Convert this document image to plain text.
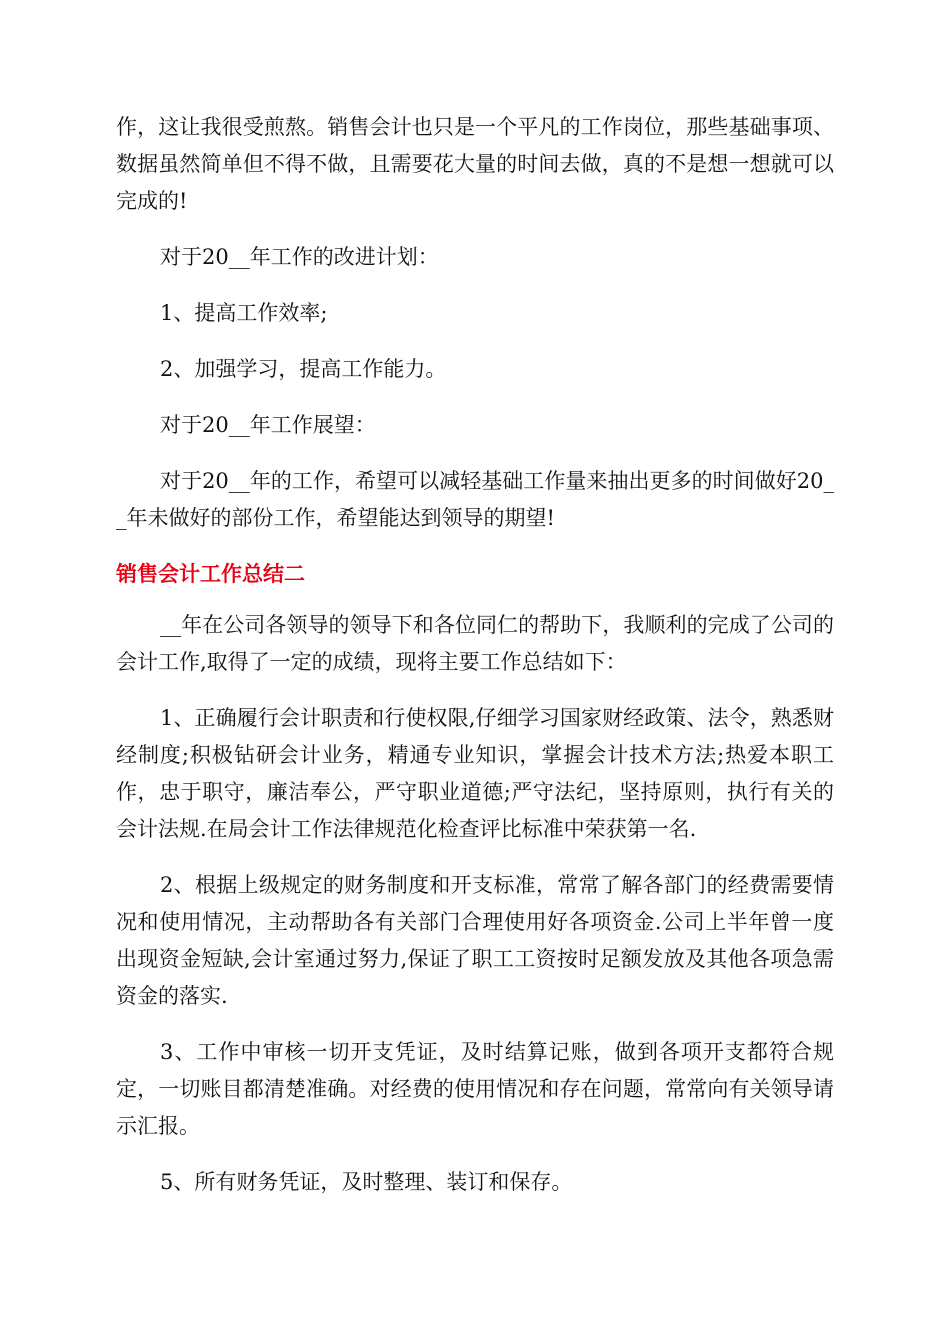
作，这让我很受煎熬。销售会计也只是一个平凡的工作岗位，那些基础事项、数据虽然简单但不得不做，且需要花大量的时间去做，真的不是想一想就可以完成的!

对于20__年工作的改进计划：

1、提高工作效率;

2、加强学习，提高工作能力。

对于20__年工作展望：

对于20__年的工作，希望可以减轻基础工作量来抽出更多的时间做好20__年未做好的部份工作，希望能达到领导的期望!

销售会计工作总结二

__年在公司各领导的领导下和各位同仁的帮助下，我顺利的完成了公司的会计工作,取得了一定的成绩，现将主要工作总结如下：

1、正确履行会计职责和行使权限,仔细学习国家财经政策、法令，熟悉财经制度;积极钻研会计业务，精通专业知识，掌握会计技术方法;热爱本职工作，忠于职守，廉洁奉公，严守职业道德;严守法纪，坚持原则，执行有关的会计法规.在局会计工作法律规范化检查评比标准中荣获第一名.

2、根据上级规定的财务制度和开支标准，常常了解各部门的经费需要情况和使用情况，主动帮助各有关部门合理使用好各项资金.公司上半年曾一度出现资金短缺,会计室通过努力,保证了职工工资按时足额发放及其他各项急需资金的落实.

3、工作中审核一切开支凭证，及时结算记账，做到各项开支都符合规定，一切账目都清楚准确。对经费的使用情况和存在问题，常常向有关领导请示汇报。

5、所有财务凭证，及时整理、装订和保存。
